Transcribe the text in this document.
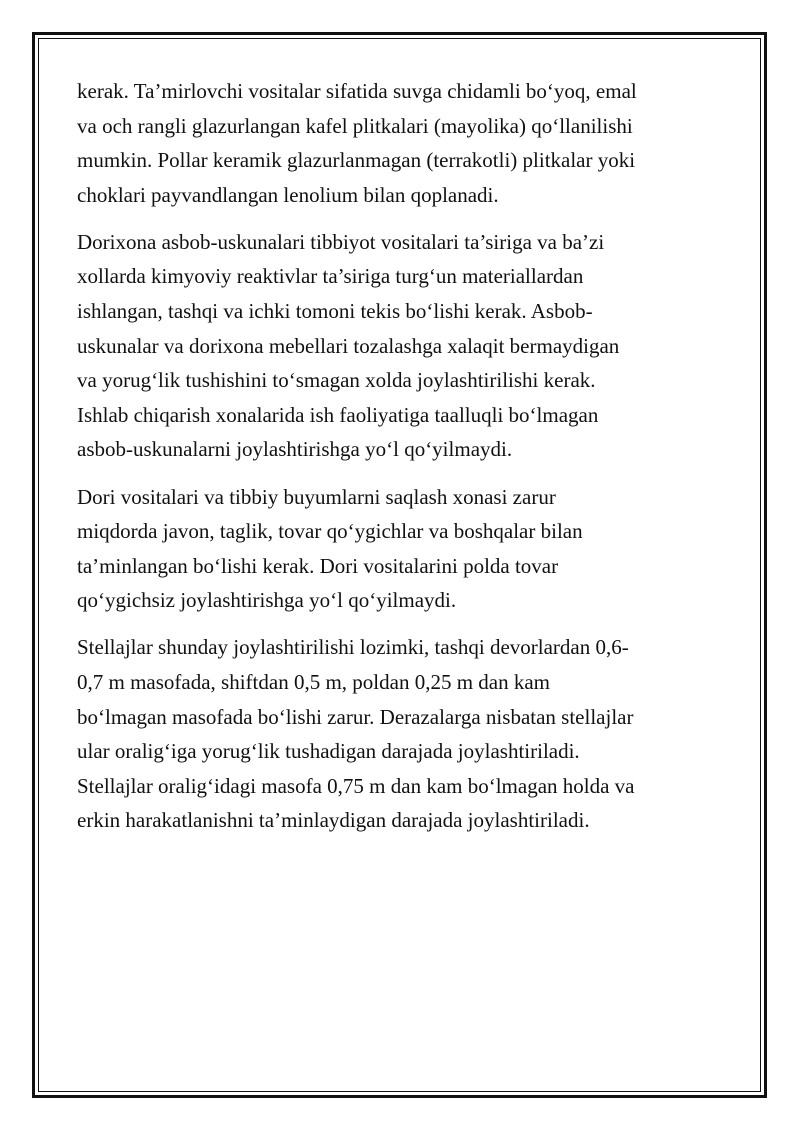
kerak. Ta’mirlovchi vositalar sifatida suvga chidamli bo‘yoq, emal
va och rangli glazurlangan kafel plitkalari (mayolika) qo‘llanilishi
mumkin. Pollar keramik glazurlanmagan (terrakotli) plitkalar yoki
choklari payvandlangan lenolium bilan qoplanadi.

Dorixona asbob-uskunalari tibbiyot vositalari ta’siriga va ba’zi
xollarda kimyoviy reaktivlar ta’siriga turg‘un materiallardan
ishlangan, tashqi va ichki tomoni tekis bo‘lishi kerak. Asbob-
uskunalar va dorixona mebellari tozalashga xalaqit bermaydigan
va yorug‘lik tushishini to‘smagan xolda joylashtirilishi kerak.
Ishlab chiqarish xonalarida ish faoliyatiga taalluqli bo‘lmagan
asbob-uskunalarni joylashtirishga yo‘l qo‘yilmaydi.

Dori vositalari va tibbiy buyumlarni saqlash xonasi zarur
miqdorda javon, taglik, tovar qo‘ygichlar va boshqalar bilan
ta’minlangan bo‘lishi kerak. Dori vositalarini polda tovar
qo‘ygichsiz joylashtirishga yo‘l qo‘yilmaydi.

Stellajlar shunday joylashtirilishi lozimki, tashqi devorlardan 0,6-
0,7 m masofada, shiftdan 0,5 m, poldan 0,25 m dan kam
bo‘lmagan masofada bo‘lishi zarur. Derazalarga nisbatan stellajlar
ular oralig‘iga yorug‘lik tushadigan darajada joylashtiriladi.
Stellajlar oralig‘idagi masofa 0,75 m dan kam bo‘lmagan holda va
erkin harakatlanishni ta’minlaydigan darajada joylashtiriladi.
